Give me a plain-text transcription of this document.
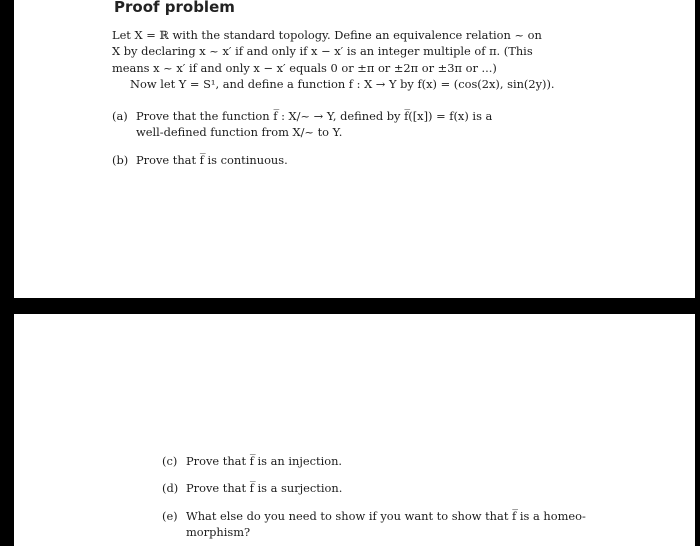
Proof problem

Let X = ℝ with the standard topology. Define an equivalence relation ~ on

X by declaring x ~ x′ if and only if x − x′ is an integer multiple of π. (This

means x ~ x′ if and only x − x′ equals 0 or ±π or ±2π or ±3π or ...)

Now let Y = S¹, and define a function f : X → Y by f(x) = (cos(2x), sin(2y)).

(a) Prove that the function f̅ : X/~ → Y, defined by f̅([x]) = f(x) is a
well-defined function from X/~ to Y.
(b) Prove that f̅ is continuous.
(c) Prove that f̅ is an injection.
(d) Prove that f̅ is a surjection.
(e) What else do you need to show if you want to show that f̅ is a homeo-
morphism?
